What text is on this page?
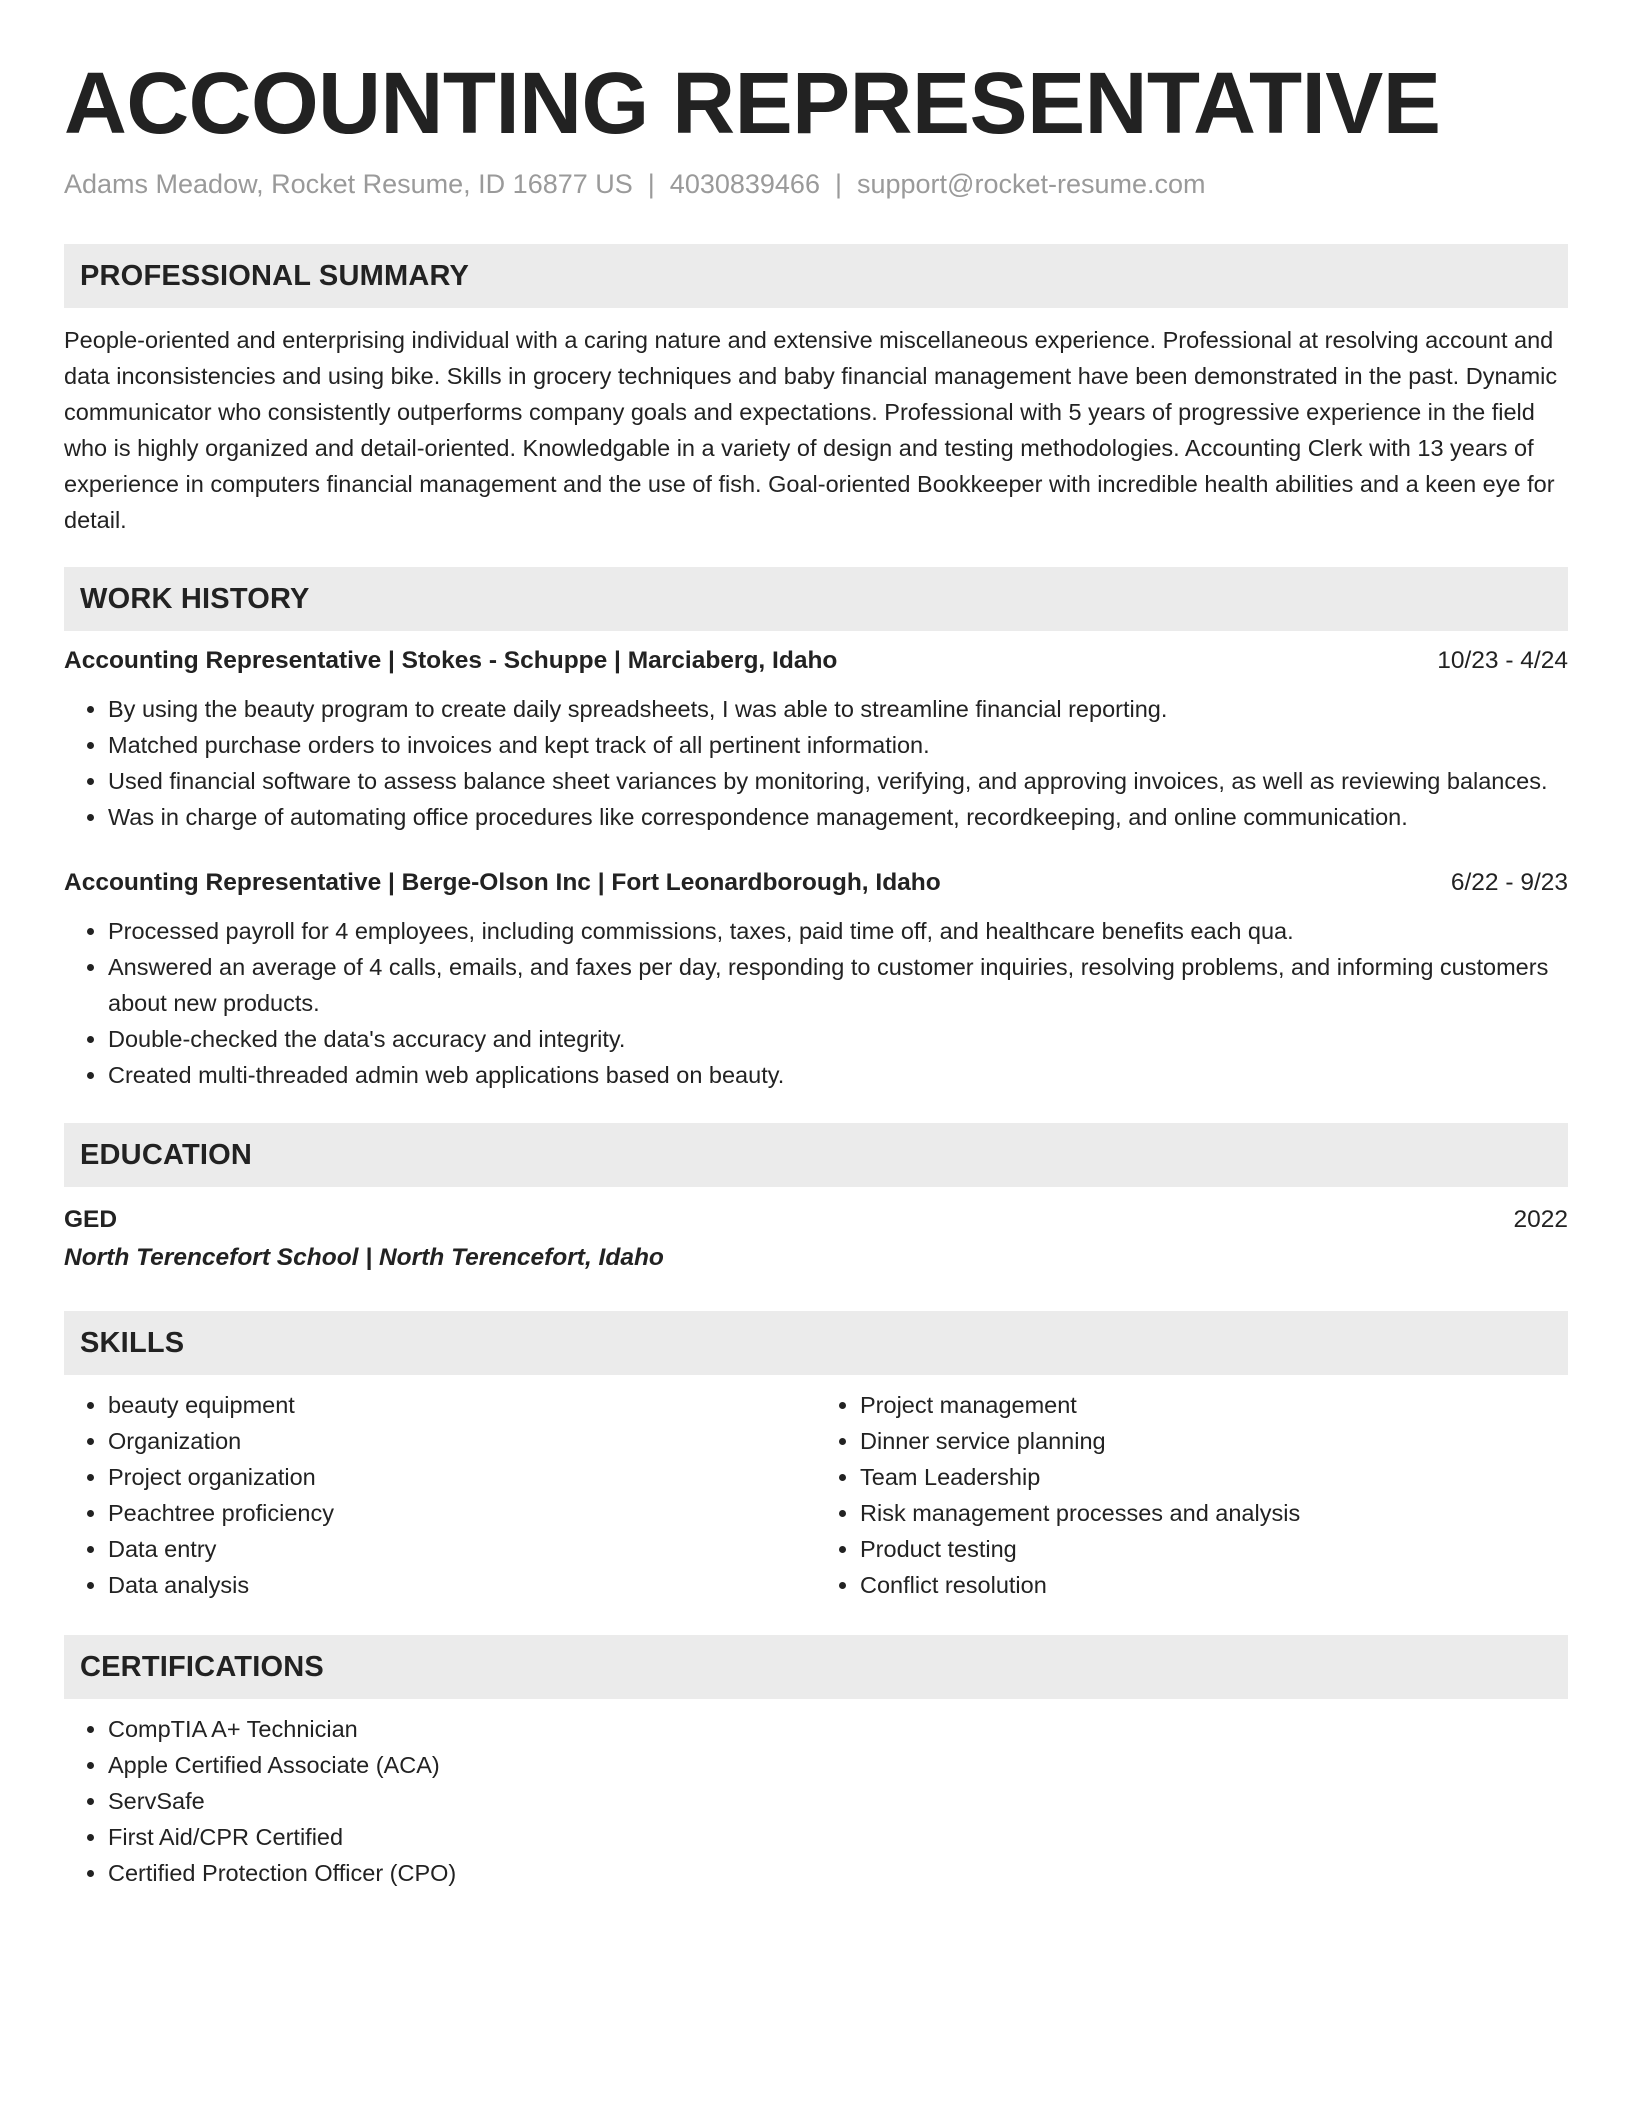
ACCOUNTING REPRESENTATIVE
Adams Meadow, Rocket Resume, ID 16877 US | 4030839466 | support@rocket-resume.com
PROFESSIONAL SUMMARY

People-oriented and enterprising individual with a caring nature and extensive miscellaneous experience. Professional at resolving account and data inconsistencies and using bike. Skills in grocery techniques and baby financial management have been demonstrated in the past. Dynamic communicator who consistently outperforms company goals and expectations. Professional with 5 years of progressive experience in the field who is highly organized and detail-oriented. Knowledgable in a variety of design and testing methodologies. Accounting Clerk with 13 years of experience in computers financial management and the use of fish. Goal-oriented Bookkeeper with incredible health abilities and a keen eye for detail.

WORK HISTORY
Accounting Representative | Stokes - Schuppe | Marciaberg, Idaho	10/23 - 4/24
• By using the beauty program to create daily spreadsheets, I was able to streamline financial reporting.
• Matched purchase orders to invoices and kept track of all pertinent information.
• Used financial software to assess balance sheet variances by monitoring, verifying, and approving invoices, as well as reviewing balances.
• Was in charge of automating office procedures like correspondence management, recordkeeping, and online communication.
Accounting Representative | Berge-Olson Inc | Fort Leonardborough, Idaho	6/22 - 9/23
• Processed payroll for 4 employees, including commissions, taxes, paid time off, and healthcare benefits each qua.
• Answered an average of 4 calls, emails, and faxes per day, responding to customer inquiries, resolving problems, and informing customers about new products.
• Double-checked the data's accuracy and integrity.
• Created multi-threaded admin web applications based on beauty.
EDUCATION
GED	2022
North Terencefort School | North Terencefort, Idaho
SKILLS
• beauty equipment
• Organization
• Project organization
• Peachtree proficiency
• Data entry
• Data analysis
• Project management
• Dinner service planning
• Team Leadership
• Risk management processes and analysis
• Product testing
• Conflict resolution
CERTIFICATIONS
• CompTIA A+ Technician
• Apple Certified Associate (ACA)
• ServSafe
• First Aid/CPR Certified
• Certified Protection Officer (CPO)
